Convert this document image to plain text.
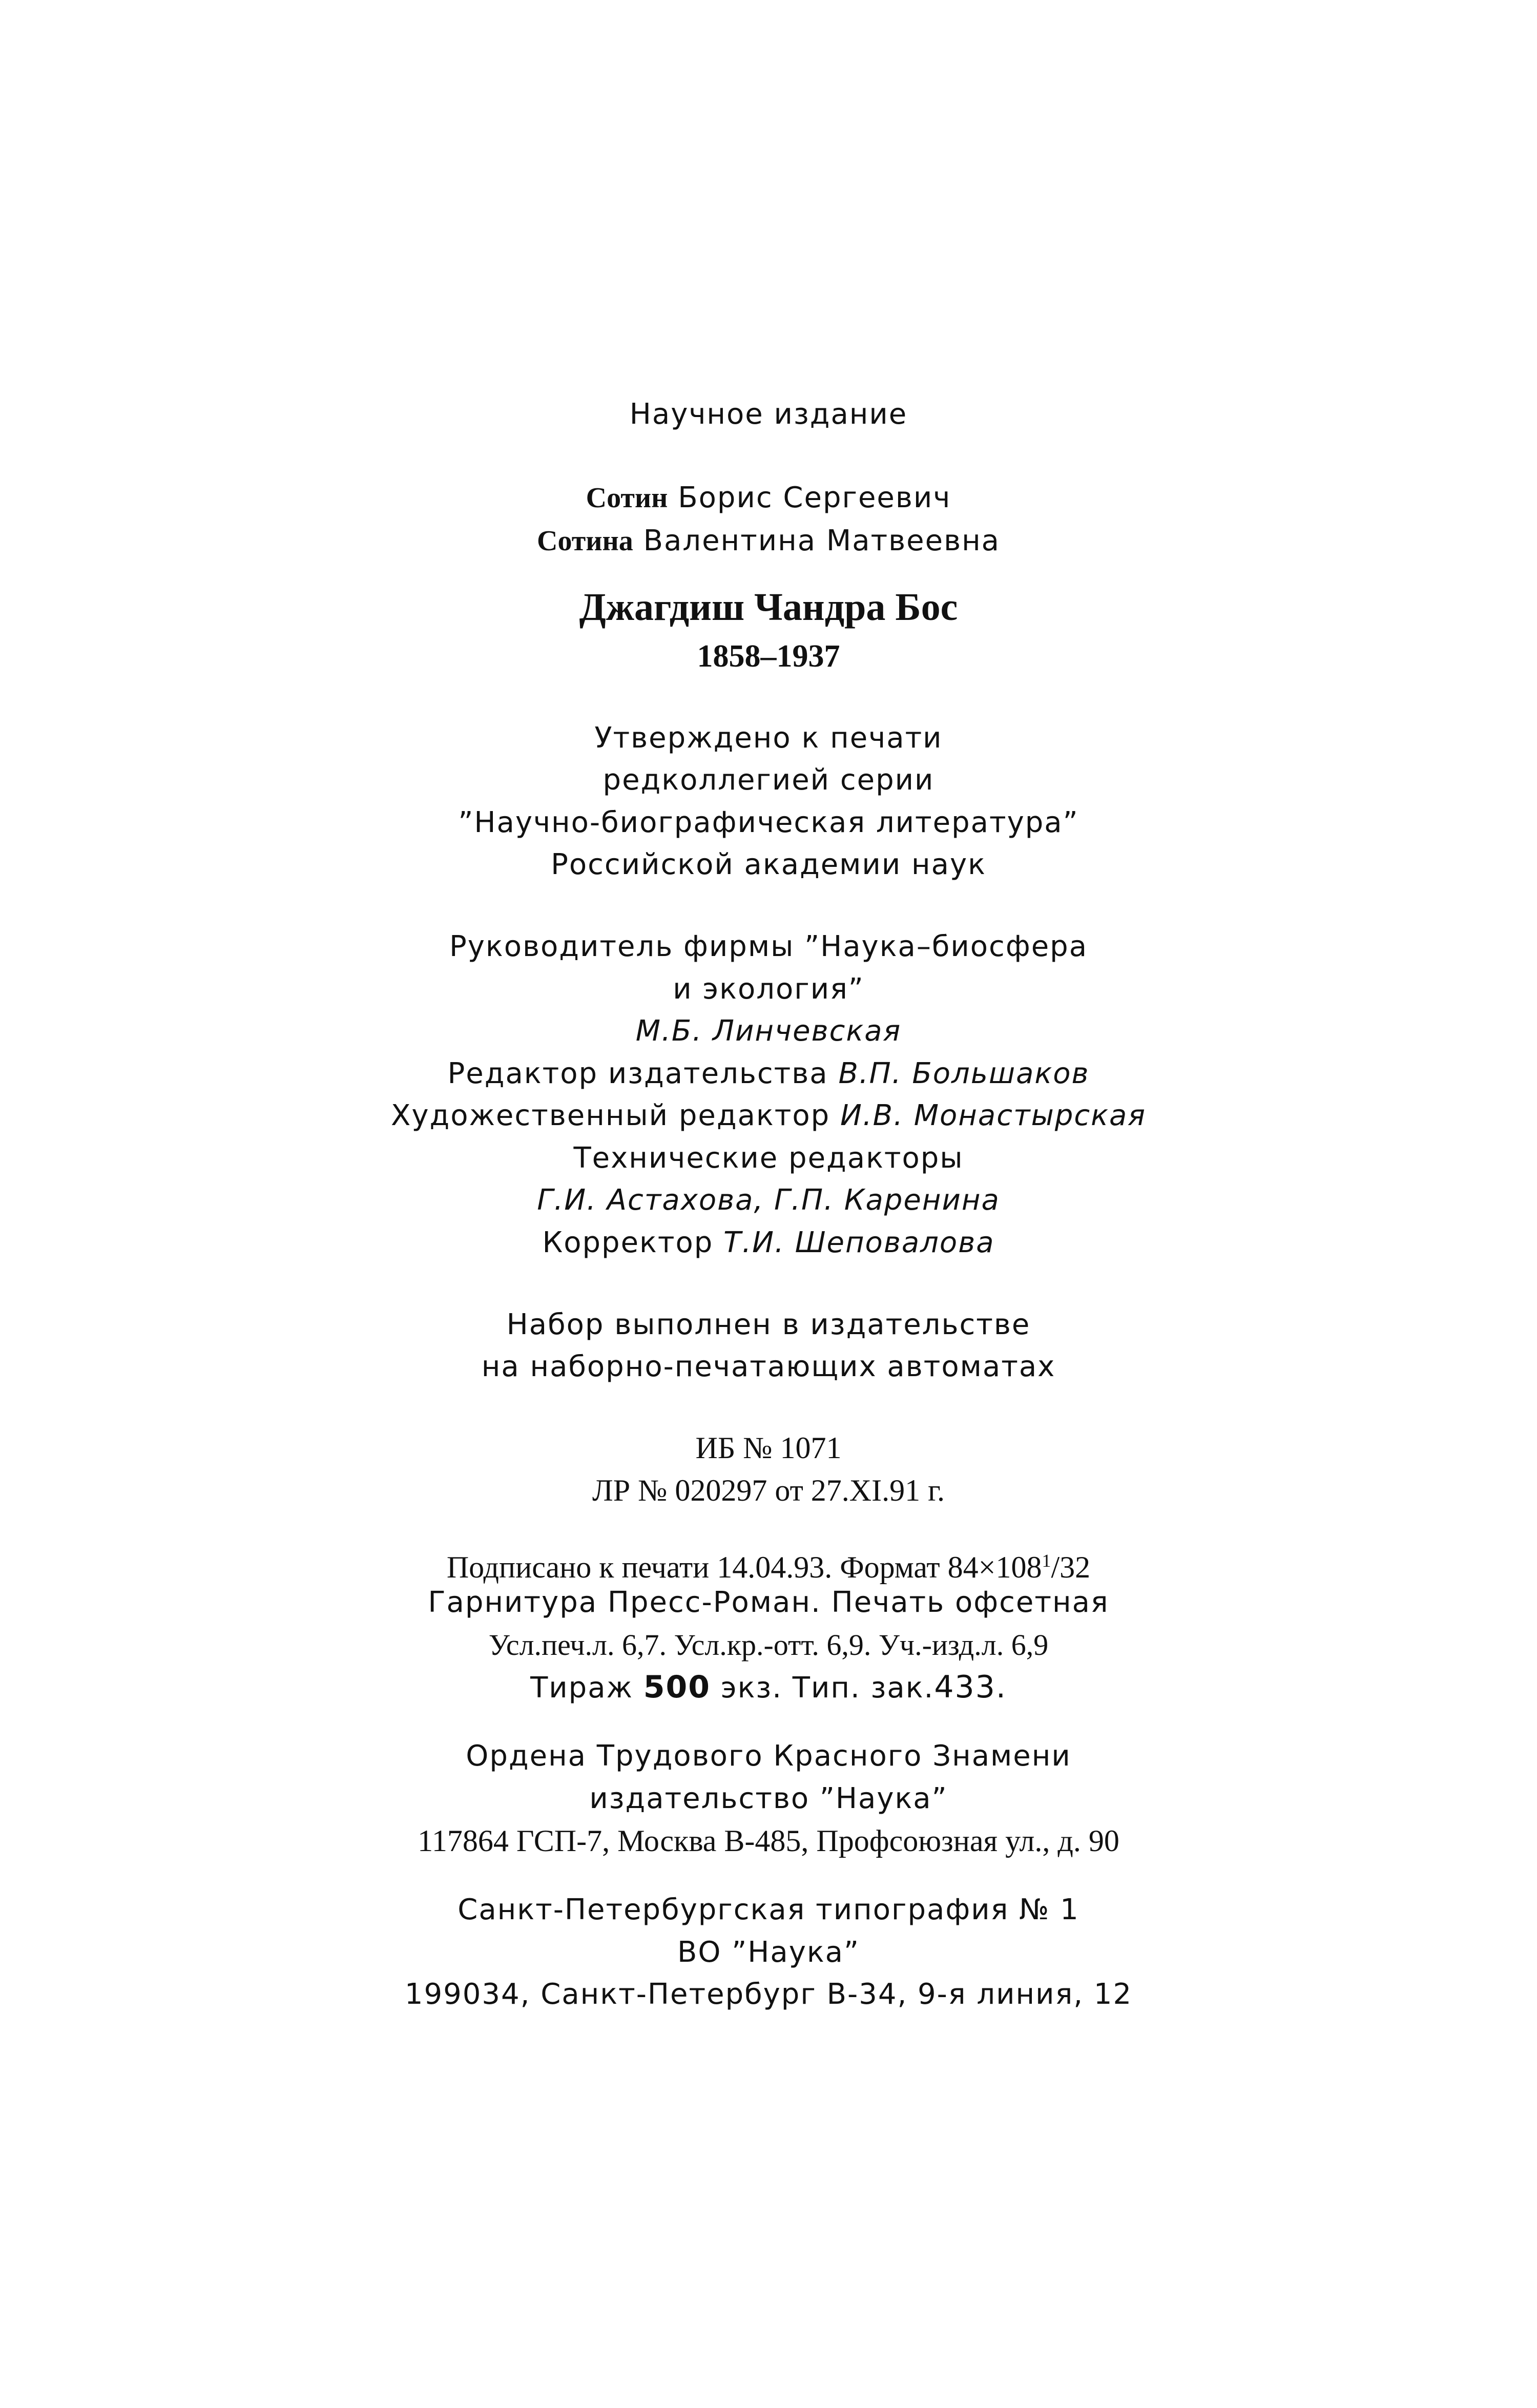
Научное издание
Сотин Борис Сергеевич
Сотина Валентина Матвеевна
Джагдиш Чандра Бос
1858–1937
Утверждено к печати
редколлегией серии
”Научно-биографическая литература”
Российской академии наук
Руководитель фирмы ”Наука–биосфера
и экология”
М.Б. Линчевская
Редактор издательства В.П. Большаков
Художественный редактор И.В. Монастырская
Технические редакторы
Г.И. Астахова, Г.П. Каренина
Корректор Т.И. Шеповалова
Набор выполнен в издательстве
на наборно-печатающих автоматах
ИБ № 1071
ЛР № 020297 от 27.XI.91 г.
Подписано к печати 14.04.93. Формат $84\times 108^1/32$
Гарнитура Пресс-Роман. Печать офсетная
Усл.печ.л. 6,7. Усл.кр.-отт. 6,9. Уч.-изд.л. 6,9
Тираж 500 экз. Тип. зак.433.
Ордена Трудового Красного Знамени
издательство ”Наука”
117864 ГСП-7, Москва В-485, Профсоюзная ул., д. 90
Санкт-Петербургская типография № 1
ВО ”Наука”
199034, Санкт-Петербург В-34, 9-я линия, 12
